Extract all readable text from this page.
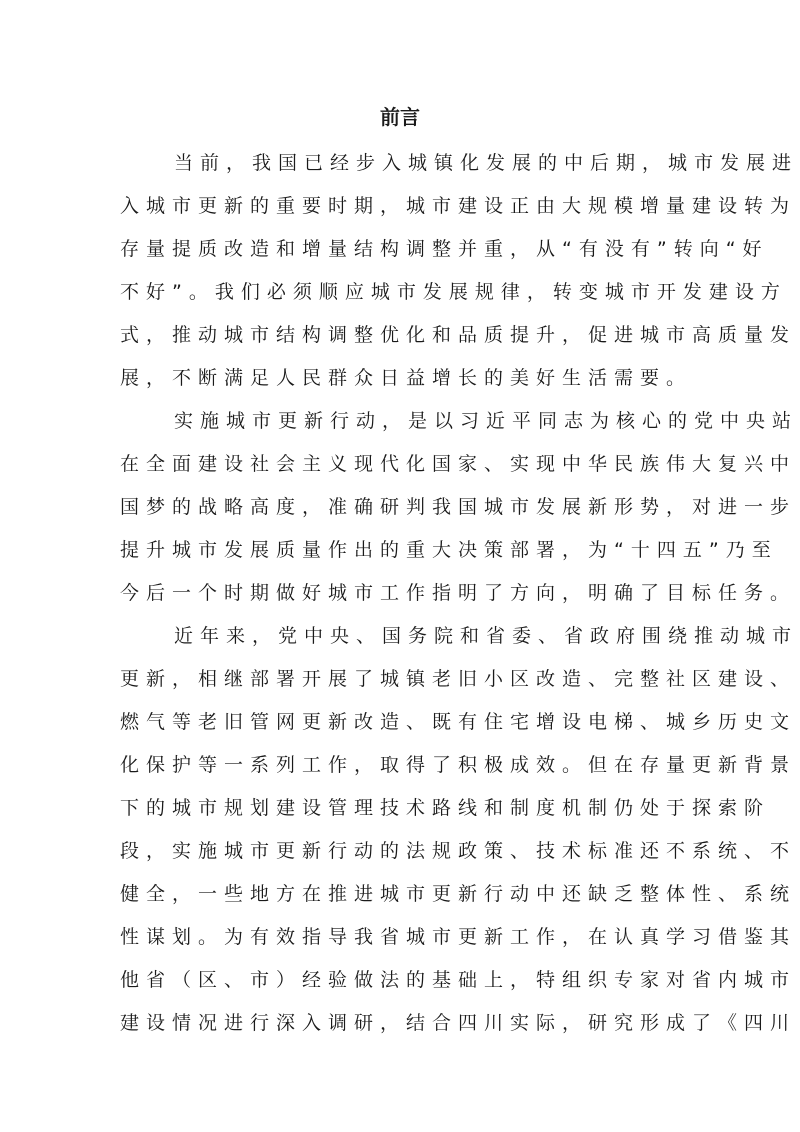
前言
当前，我国已经步入城镇化发展的中后期，城市发展进
入城市更新的重要时期，城市建设正由大规模增量建设转为
存量提质改造和增量结构调整并重，从“有没有”转向“好
不好”。我们必须顺应城市发展规律，转变城市开发建设方
式，推动城市结构调整优化和品质提升，促进城市高质量发
展，不断满足人民群众日益增长的美好生活需要。
实施城市更新行动，是以习近平同志为核心的党中央站
在全面建设社会主义现代化国家、实现中华民族伟大复兴中
国梦的战略高度，准确研判我国城市发展新形势，对进一步
提升城市发展质量作出的重大决策部署，为“十四五”乃至
今后一个时期做好城市工作指明了方向，明确了目标任务。
近年来，党中央、国务院和省委、省政府围绕推动城市
更新，相继部署开展了城镇老旧小区改造、完整社区建设、
燃气等老旧管网更新改造、既有住宅增设电梯、城乡历史文
化保护等一系列工作，取得了积极成效。但在存量更新背景
下的城市规划建设管理技术路线和制度机制仍处于探索阶
段，实施城市更新行动的法规政策、技术标准还不系统、不
健全，一些地方在推进城市更新行动中还缺乏整体性、系统
性谋划。为有效指导我省城市更新工作，在认真学习借鉴其
他省（区、市）经验做法的基础上，特组织专家对省内城市
建设情况进行深入调研，结合四川实际，研究形成了《四川
